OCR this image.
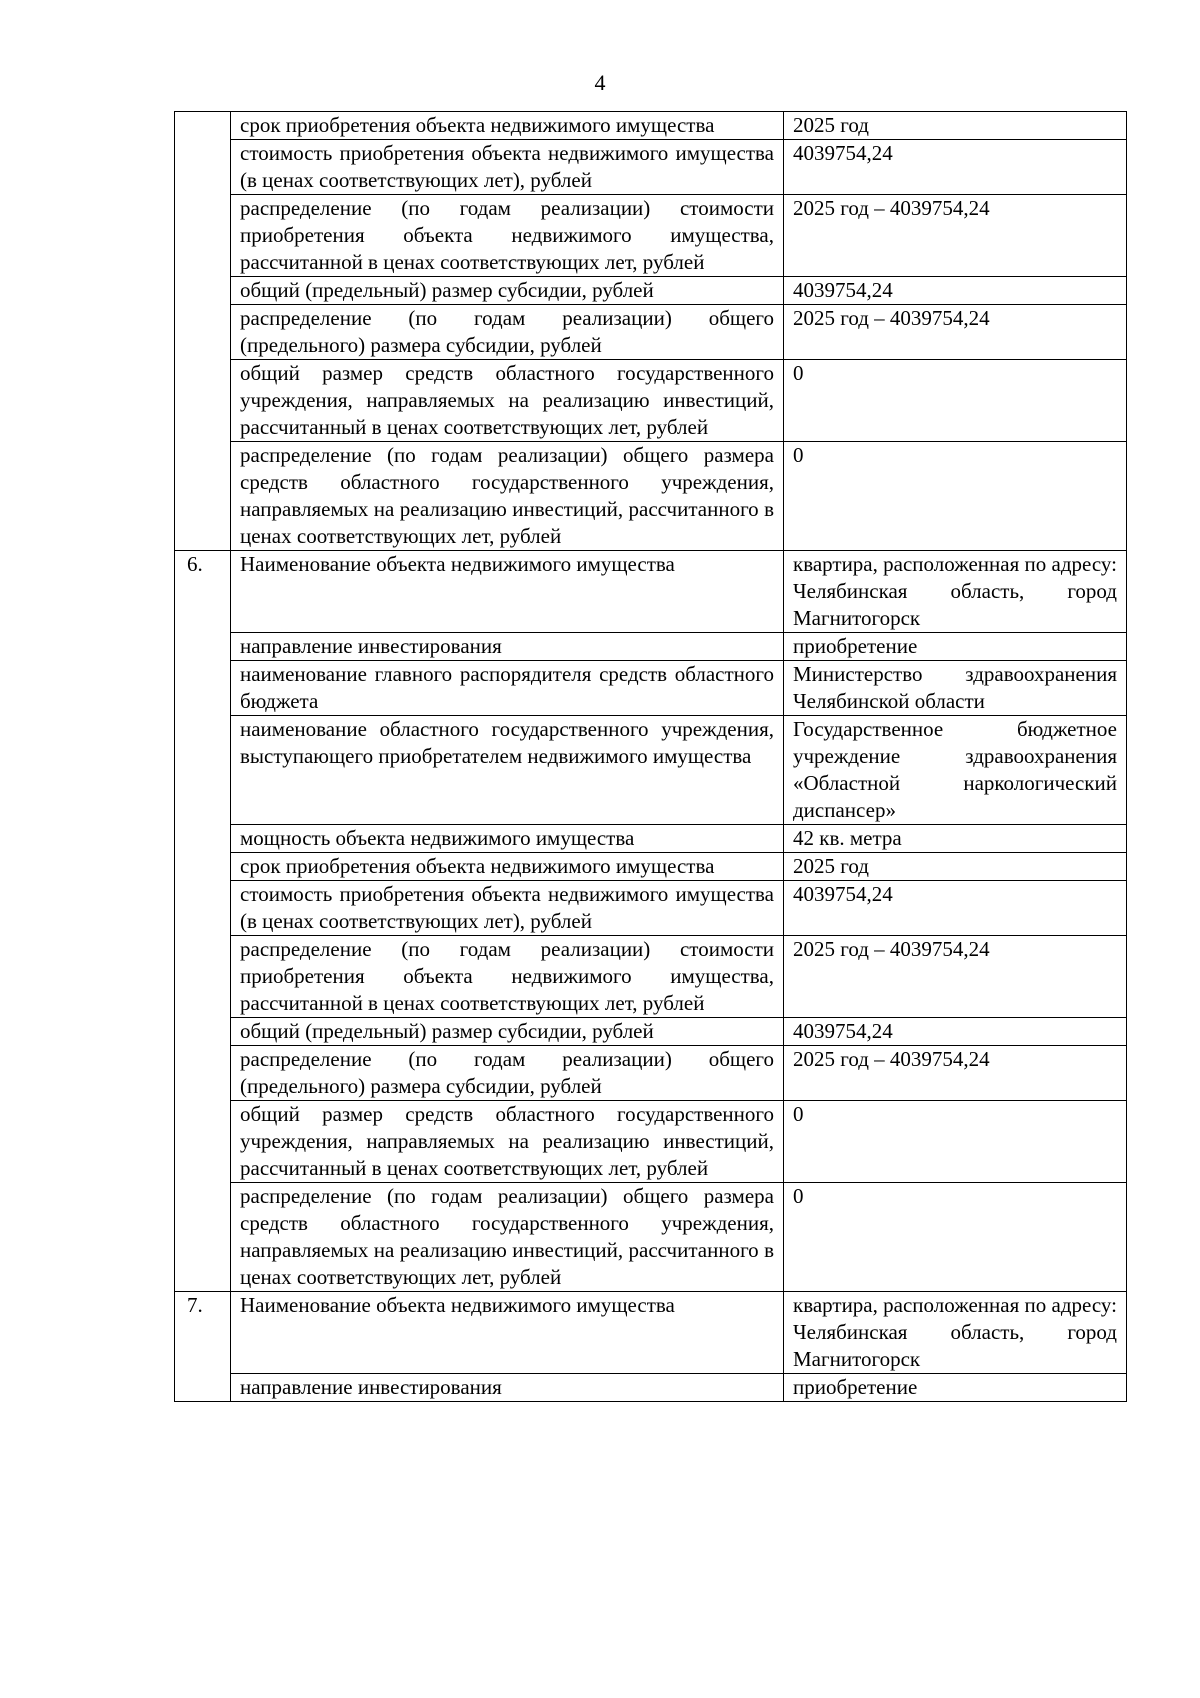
4
	срок приобретения объекта недвижимого имущества	2025 год
	стоимость приобретения объекта недвижимого имущества (в ценах соответствующих лет), рублей	4039754,24
	распределение (по годам реализации) стоимости приобретения объекта недвижимого имущества, рассчитанной в ценах соответствующих лет, рублей	2025 год – 4039754,24
	общий (предельный) размер субсидии, рублей	4039754,24
	распределение (по годам реализации) общего (предельного) размера субсидии, рублей	2025 год – 4039754,24
	общий размер средств областного государственного учреждения, направляемых на реализацию инвестиций, рассчитанный в ценах соответствующих лет, рублей	0
	распределение (по годам реализации) общего размера средств областного государственного учреждения, направляемых на реализацию инвестиций, рассчитанного в ценах соответствующих лет, рублей	0
6.	Наименование объекта недвижимого имущества	квартира, расположенная по адресу: Челябинская область, город Магнитогорск
	направление инвестирования	приобретение
	наименование главного распорядителя средств областного бюджета	Министерство здравоохранения Челябинской области
	наименование областного государственного учреждения, выступающего приобретателем недвижимого имущества	Государственное бюджетное учреждение здравоохранения «Областной наркологический диспансер»
	мощность объекта недвижимого имущества	42 кв. метра
	срок приобретения объекта недвижимого имущества	2025 год
	стоимость приобретения объекта недвижимого имущества (в ценах соответствующих лет), рублей	4039754,24
	распределение (по годам реализации) стоимости приобретения объекта недвижимого имущества, рассчитанной в ценах соответствующих лет, рублей	2025 год – 4039754,24
	общий (предельный) размер субсидии, рублей	4039754,24
	распределение (по годам реализации) общего (предельного) размера субсидии, рублей	2025 год – 4039754,24
	общий размер средств областного государственного учреждения, направляемых на реализацию инвестиций, рассчитанный в ценах соответствующих лет, рублей	0
	распределение (по годам реализации) общего размера средств областного государственного учреждения, направляемых на реализацию инвестиций, рассчитанного в ценах соответствующих лет, рублей	0
7.	Наименование объекта недвижимого имущества	квартира, расположенная по адресу: Челябинская область, город Магнитогорск
	направление инвестирования	приобретение
